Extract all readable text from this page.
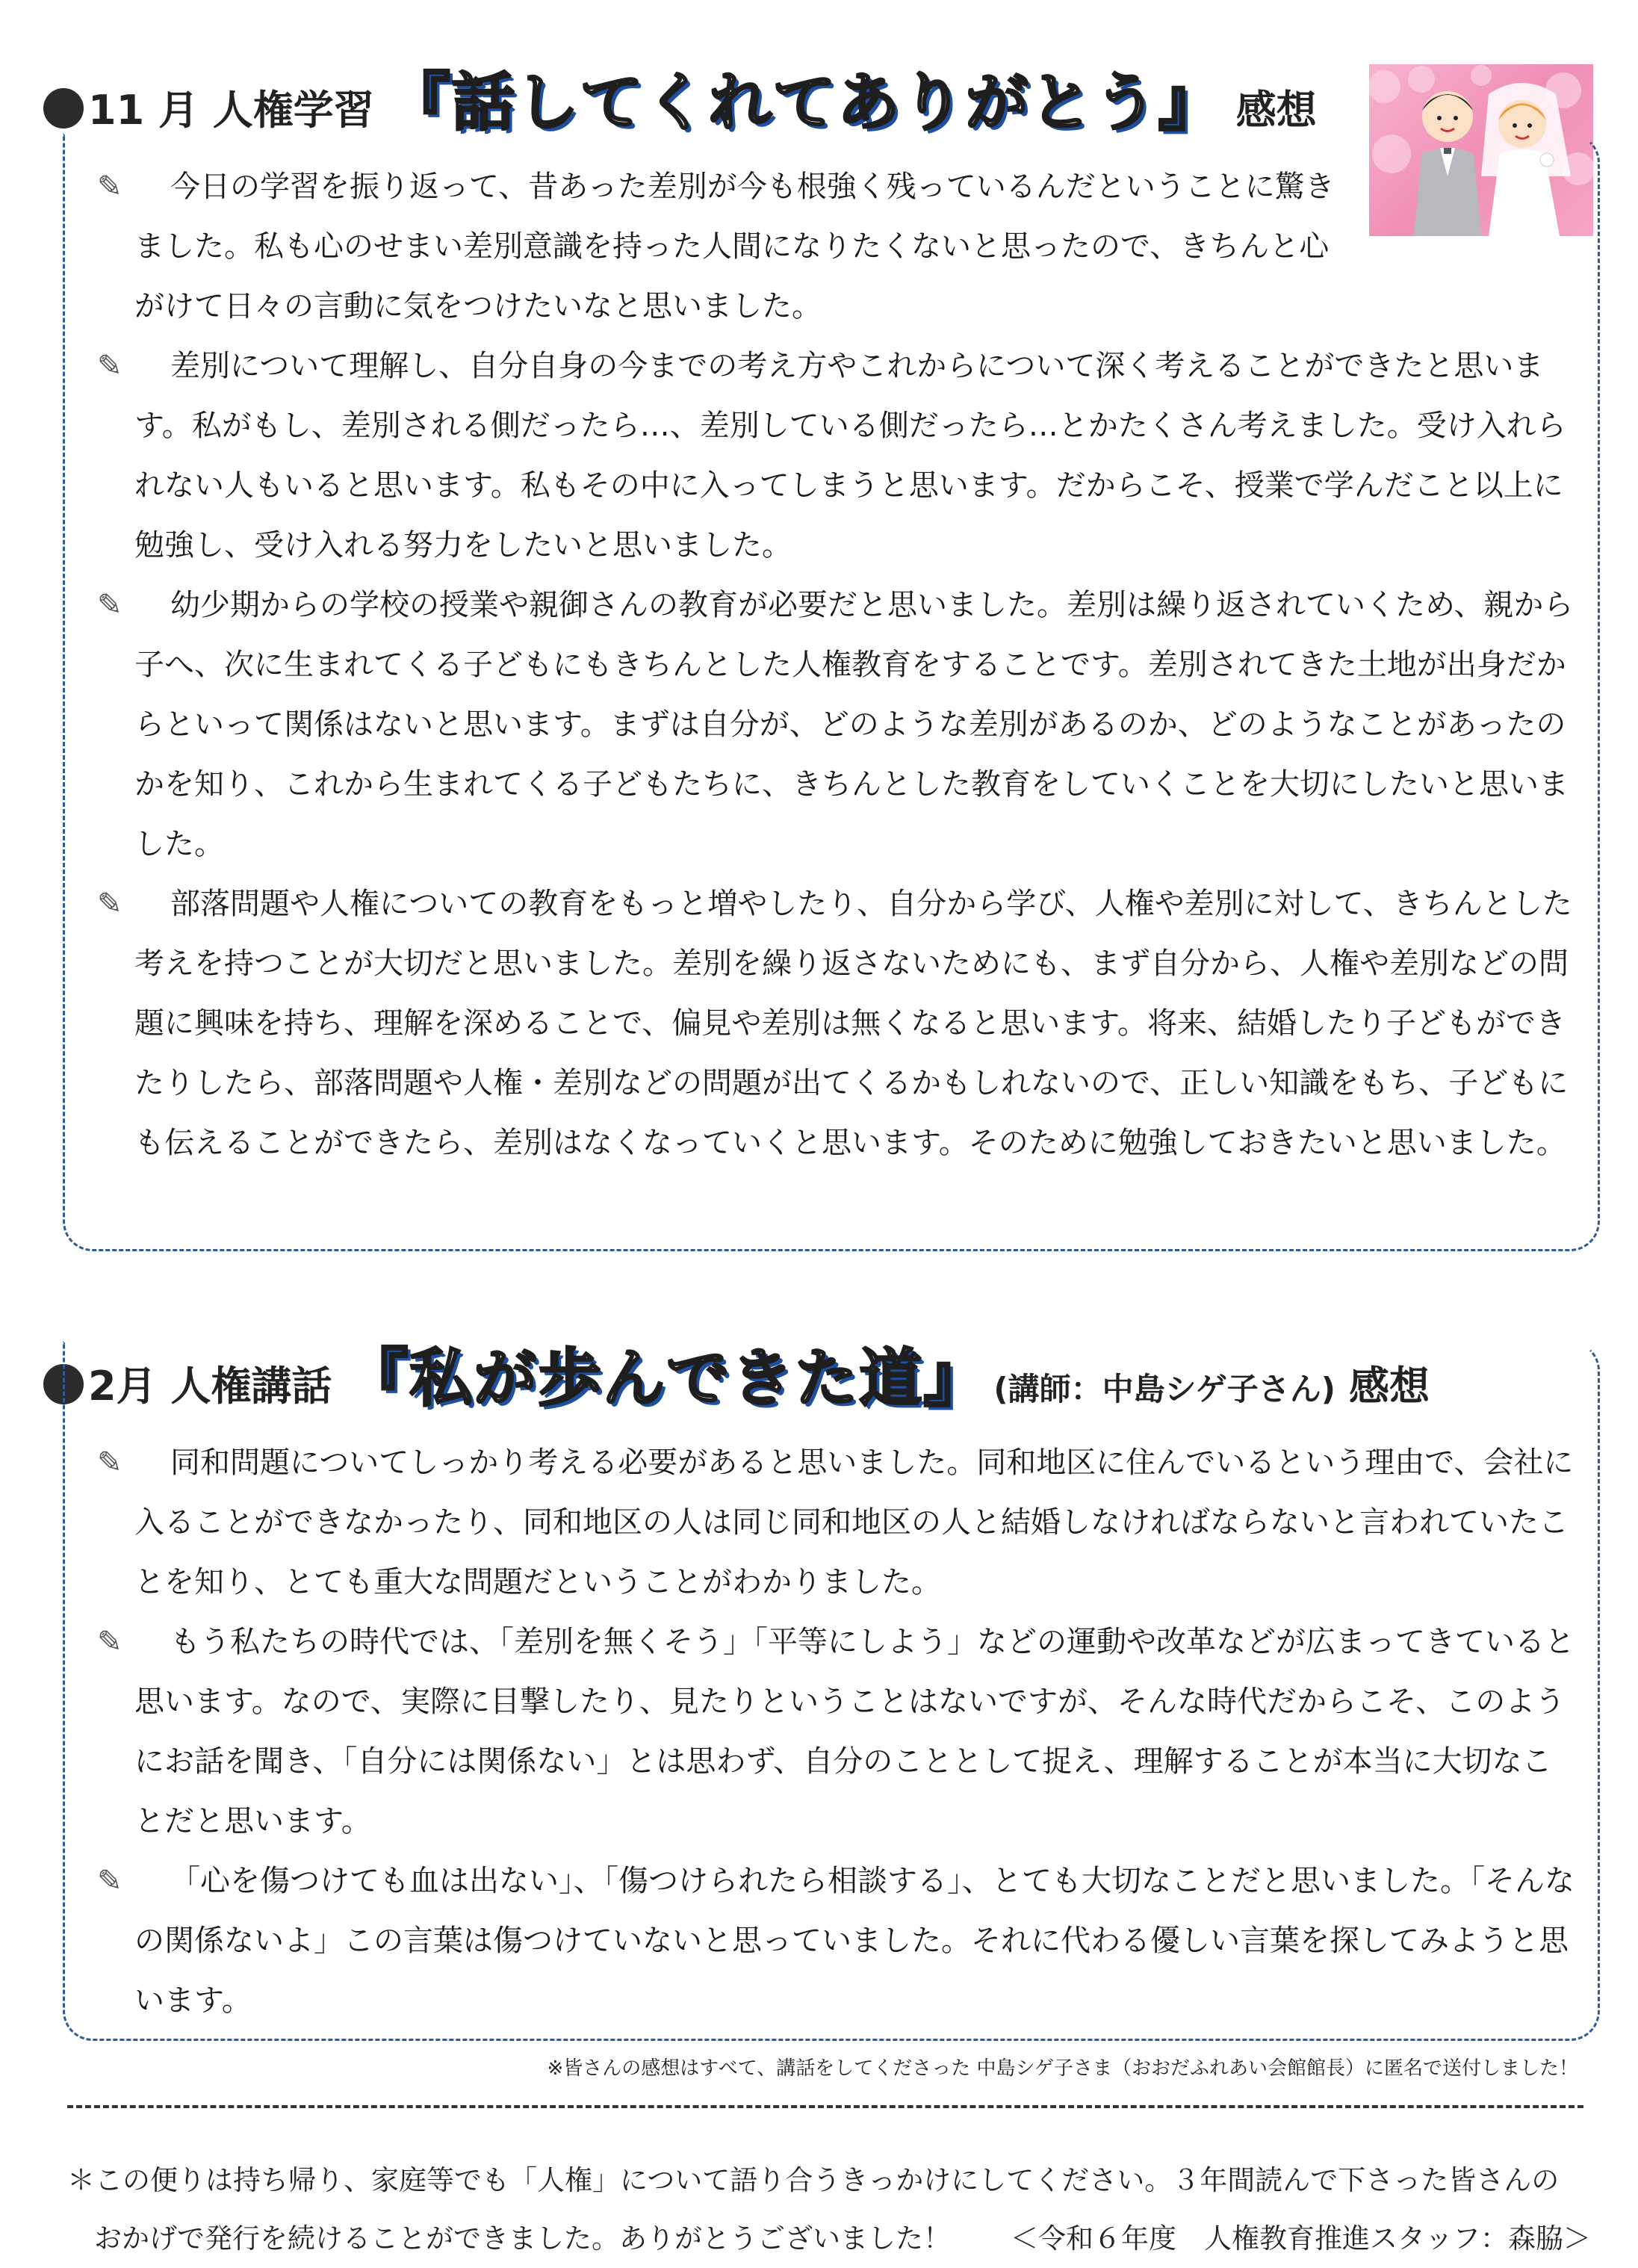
11 月 人権学習 『話してくれてありがとう』 感想
✎	今日の学習を振り返って、昔あった差別が今も根強く残っているんだということに驚きました。私も心のせまい差別意識を持った人間になりたくないと思ったので、きちんと心がけて日々の言動に気をつけたいなと思いました。
✎	差別について理解し、自分自身の今までの考え方やこれからについて深く考えることができたと思います。私がもし、差別される側だったら…、差別している側だったら…とかたくさん考えました。受け入れられない人もいると思います。私もその中に入ってしまうと思います。だからこそ、授業で学んだこと以上に勉強し、受け入れる努力をしたいと思いました。
✎	幼少期からの学校の授業や親御さんの教育が必要だと思いました。差別は繰り返されていくため、親から子へ、次に生まれてくる子どもにもきちんとした人権教育をすることです。差別されてきた土地が出身だからといって関係はないと思います。まずは自分が、どのような差別があるのか、どのようなことがあったのかを知り、これから生まれてくる子どもたちに、きちんとした教育をしていくことを大切にしたいと思いました。
✎	部落問題や人権についての教育をもっと増やしたり、自分から学び、人権や差別に対して、きちんとした考えを持つことが大切だと思いました。差別を繰り返さないためにも、まず自分から、人権や差別などの問題に興味を持ち、理解を深めることで、偏見や差別は無くなると思います。将来、結婚したり子どもができたりしたら、部落問題や人権・差別などの問題が出てくるかもしれないので、正しい知識をもち、子どもにも伝えることができたら、差別はなくなっていくと思います。そのために勉強しておきたいと思いました。
2月 人権講話 『私が歩んできた道』 (講師：中島シゲ子さん) 感想
✎	同和問題についてしっかり考える必要があると思いました。同和地区に住んでいるという理由で、会社に入ることができなかったり、同和地区の人は同じ同和地区の人と結婚しなければならないと言われていたことを知り、とても重大な問題だということがわかりました。
✎	もう私たちの時代では、「差別を無くそう」「平等にしよう」などの運動や改革などが広まってきていると思います。なので、実際に目撃したり、見たりということはないですが、そんな時代だからこそ、このようにお話を聞き、「自分には関係ない」とは思わず、自分のこととして捉え、理解することが本当に大切なことだと思います。
✎	「心を傷つけても血は出ない」、「傷つけられたら相談する」、とても大切なことだと思いました。「そんなの関係ないよ」この言葉は傷つけていないと思っていました。それに代わる優しい言葉を探してみようと思います。
※皆さんの感想はすべて、講話をしてくださった 中島シゲ子さま（おおだふれあい会館館長）に匿名で送付しました！
＊この便りは持ち帰り、家庭等でも「人権」について語り合うきっかけにしてください。３年間読んで下さった皆さんの
おかげで発行を続けることができました。ありがとうございました！ ＜令和６年度　人権教育推進スタッフ：森脇＞
